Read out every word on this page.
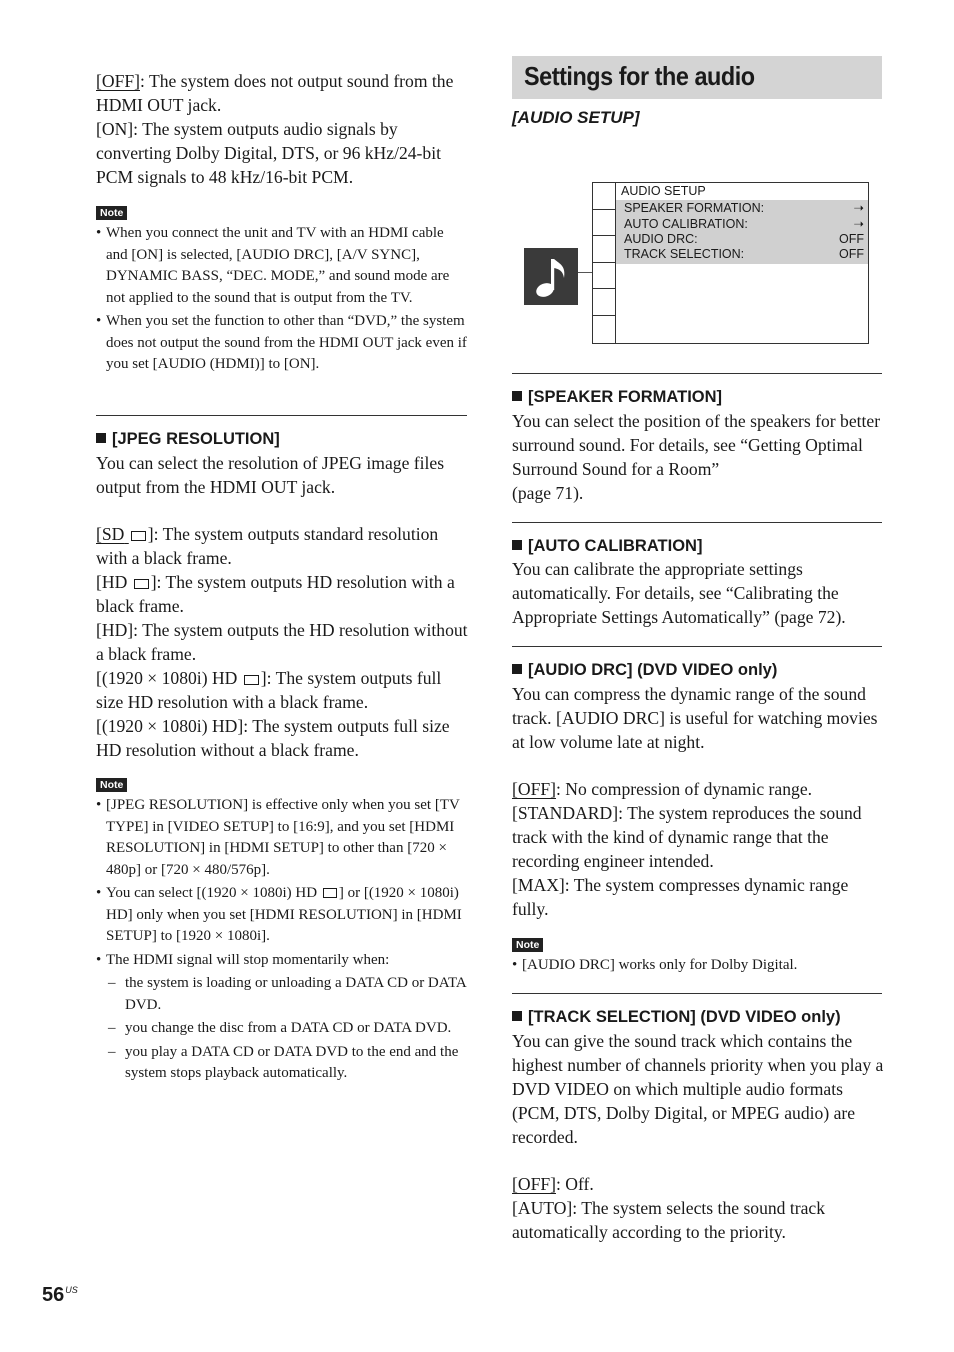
[OFF]: The system does not output sound from the HDMI OUT jack.
[ON]: The system outputs audio signals by converting Dolby Digital, DTS, or 96 kHz/24-bit PCM signals to 48 kHz/16-bit PCM.
Note
• When you connect the unit and TV with an HDMI cable and [ON] is selected, [AUDIO DRC], [A/V SYNC], DYNAMIC BASS, “DEC. MODE,” and sound mode are not applied to the sound that is output from the TV.
• When you set the function to other than “DVD,” the system does not output the sound from the HDMI OUT jack even if you set [AUDIO (HDMI)] to [ON].
[JPEG RESOLUTION]
You can select the resolution of JPEG image files output from the HDMI OUT jack.
[SD ]: The system outputs standard resolution with a black frame.
[HD ]: The system outputs HD resolution with a black frame.
[HD]: The system outputs the HD resolution without a black frame.
[(1920 × 1080i) HD ]: The system outputs full size HD resolution with a black frame.
[(1920 × 1080i) HD]: The system outputs full size HD resolution without a black frame.
Note
• [JPEG RESOLUTION] is effective only when you set [TV TYPE] in [VIDEO SETUP] to [16:9], and you set [HDMI RESOLUTION] in [HDMI SETUP] to other than [720 × 480p] or [720 × 480/576p].
• You can select [(1920 × 1080i) HD ] or [(1920 × 1080i) HD] only when you set [HDMI RESOLUTION] in [HDMI SETUP] to [1920 × 1080i].
• The HDMI signal will stop momentarily when:
– the system is loading or unloading a DATA CD or DATA DVD.
– you change the disc from a DATA CD or DATA DVD.
– you play a DATA CD or DATA DVD to the end and the system stops playback automatically.
Settings for the audio
[AUDIO SETUP]
AUDIO SETUP
SPEAKER FORMATION:	➝
AUTO CALIBRATION:	➝
AUDIO DRC:	OFF
TRACK SELECTION:	OFF
[SPEAKER FORMATION]
You can select the position of the speakers for better surround sound. For details, see “Getting Optimal Surround Sound for a Room”
(page 71).
[AUTO CALIBRATION]
You can calibrate the appropriate settings automatically. For details, see “Calibrating the Appropriate Settings Automatically” (page 72).
[AUDIO DRC] (DVD VIDEO only)
You can compress the dynamic range of the sound track. [AUDIO DRC] is useful for watching movies at low volume late at night.
[OFF]: No compression of dynamic range.
[STANDARD]: The system reproduces the sound track with the kind of dynamic range that the recording engineer intended.
[MAX]: The system compresses dynamic range fully.
Note
• [AUDIO DRC] works only for Dolby Digital.
[TRACK SELECTION] (DVD VIDEO only)
You can give the sound track which contains the highest number of channels priority when you play a DVD VIDEO on which multiple audio formats (PCM, DTS, Dolby Digital, or MPEG audio) are recorded.
[OFF]: Off.
[AUTO]: The system selects the sound track automatically according to the priority.
$56^{US}$
